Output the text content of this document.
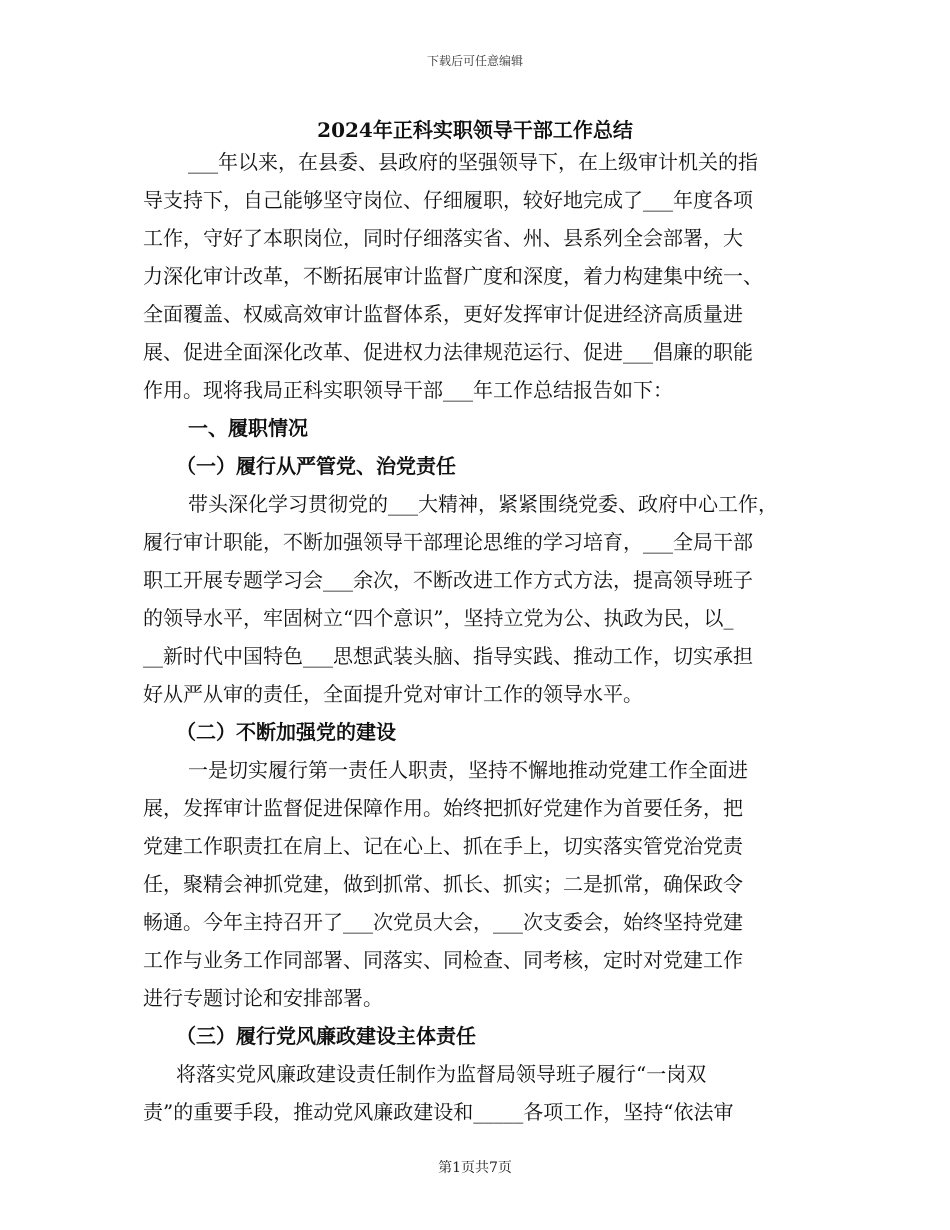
下载后可任意编辑
2024年正科实职领导干部工作总结
___年以来，在县委、县政府的坚强领导下，在上级审计机关的指
导支持下，自己能够坚守岗位、仔细履职，较好地完成了___年度各项
工作，守好了本职岗位，同时仔细落实省、州、县系列全会部署，大
力深化审计改革，不断拓展审计监督广度和深度，着力构建集中统一、
全面覆盖、权威高效审计监督体系，更好发挥审计促进经济高质量进
展、促进全面深化改革、促进权力法律规范运行、促进___倡廉的职能
作用。现将我局正科实职领导干部___年工作总结报告如下：
一、履职情况
（一）履行从严管党、治党责任
带头深化学习贯彻党的___大精神，紧紧围绕党委、政府中心工作，
履行审计职能，不断加强领导干部理论思维的学习培育，___全局干部
职工开展专题学习会___余次，不断改进工作方式方法，提高领导班子
的领导水平，牢固树立“四个意识”，坚持立党为公、执政为民，以_
__新时代中国特色___思想武装头脑、指导实践、推动工作，切实承担
好从严从审的责任，全面提升党对审计工作的领导水平。
（二）不断加强党的建设
一是切实履行第一责任人职责，坚持不懈地推动党建工作全面进
展，发挥审计监督促进保障作用。始终把抓好党建作为首要任务，把
党建工作职责扛在肩上、记在心上、抓在手上，切实落实管党治党责
任，聚精会神抓党建，做到抓常、抓长、抓实；二是抓常，确保政令
畅通。今年主持召开了___次党员大会，___次支委会，始终坚持党建
工作与业务工作同部署、同落实、同检查、同考核，定时对党建工作
进行专题讨论和安排部署。
（三）履行党风廉政建设主体责任
将落实党风廉政建设责任制作为监督局领导班子履行“一岗双
责”的重要手段，推动党风廉政建设和_____各项工作，坚持“依法审
第1页共7页
